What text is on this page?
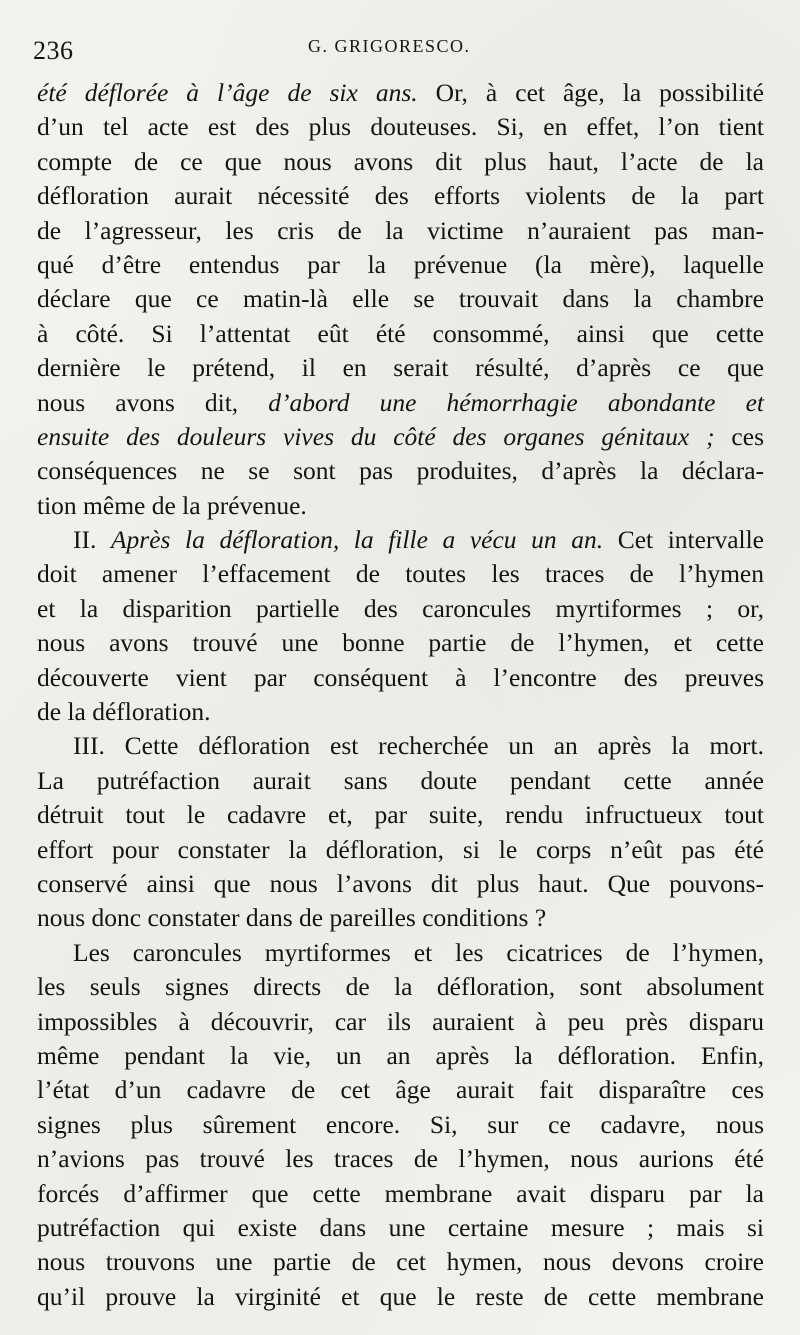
236	G. GRIGORESCO.
été déflorée à l’âge de six ans. Or, à cet âge, la possibilité
d’un tel acte est des plus douteuses. Si, en effet, l’on tient
compte de ce que nous avons dit plus haut, l’acte de la
défloration aurait nécessité des efforts violents de la part
de l’agresseur, les cris de la victime n’auraient pas man-
qué d’être entendus par la prévenue (la mère), laquelle
déclare que ce matin-là elle se trouvait dans la chambre
à côté. Si l’attentat eût été consommé, ainsi que cette
dernière le prétend, il en serait résulté, d’après ce que
nous avons dit, d’abord une hémorrhagie abondante et
ensuite des douleurs vives du côté des organes génitaux ; ces
conséquences ne se sont pas produites, d’après la déclara-
tion même de la prévenue.
II. Après la défloration, la fille a vécu un an. Cet intervalle
doit amener l’effacement de toutes les traces de l’hymen
et la disparition partielle des caroncules myrtiformes ; or,
nous avons trouvé une bonne partie de l’hymen, et cette
découverte vient par conséquent à l’encontre des preuves
de la défloration.
III. Cette défloration est recherchée un an après la mort.
La putréfaction aurait sans doute pendant cette année
détruit tout le cadavre et, par suite, rendu infructueux tout
effort pour constater la défloration, si le corps n’eût pas été
conservé ainsi que nous l’avons dit plus haut. Que pouvons-
nous donc constater dans de pareilles conditions ?
Les caroncules myrtiformes et les cicatrices de l’hymen,
les seuls signes directs de la défloration, sont absolument
impossibles à découvrir, car ils auraient à peu près disparu
même pendant la vie, un an après la défloration. Enfin,
l’état d’un cadavre de cet âge aurait fait disparaître ces
signes plus sûrement encore. Si, sur ce cadavre, nous
n’avions pas trouvé les traces de l’hymen, nous aurions été
forcés d’affirmer que cette membrane avait disparu par la
putréfaction qui existe dans une certaine mesure ; mais si
nous trouvons une partie de cet hymen, nous devons croire
qu’il prouve la virginité et que le reste de cette membrane
